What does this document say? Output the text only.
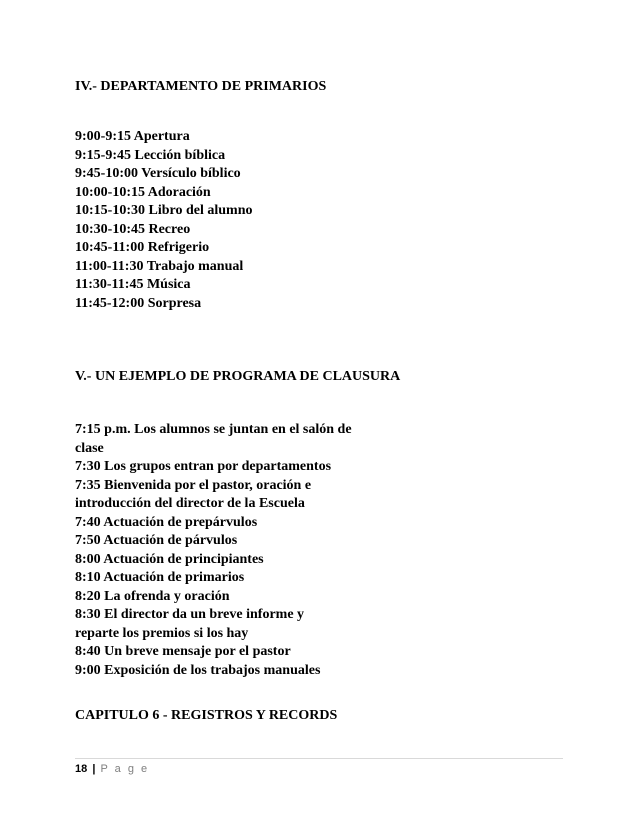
IV.- DEPARTAMENTO DE PRIMARIOS
9:00-9:15 Apertura
9:15-9:45 Lección bíblica
9:45-10:00 Versículo bíblico
10:00-10:15 Adoración
10:15-10:30 Libro del alumno
10:30-10:45 Recreo
10:45-11:00 Refrigerio
11:00-11:30 Trabajo manual
11:30-11:45 Música
11:45-12:00 Sorpresa
V.- UN EJEMPLO DE PROGRAMA DE CLAUSURA
7:15 p.m. Los alumnos se juntan en el salón de
clase
7:30 Los grupos entran por departamentos
7:35 Bienvenida por el pastor, oración e
introducción del director de la Escuela
7:40 Actuación de prepárvulos
7:50 Actuación de párvulos
8:00 Actuación de principiantes
8:10 Actuación de primarios
8:20 La ofrenda y oración
8:30 El director da un breve informe y
reparte los premios si los hay
8:40 Un breve mensaje por el pastor
9:00 Exposición de los trabajos manuales
CAPITULO 6 - REGISTROS Y RECORDS
18 | P a g e
